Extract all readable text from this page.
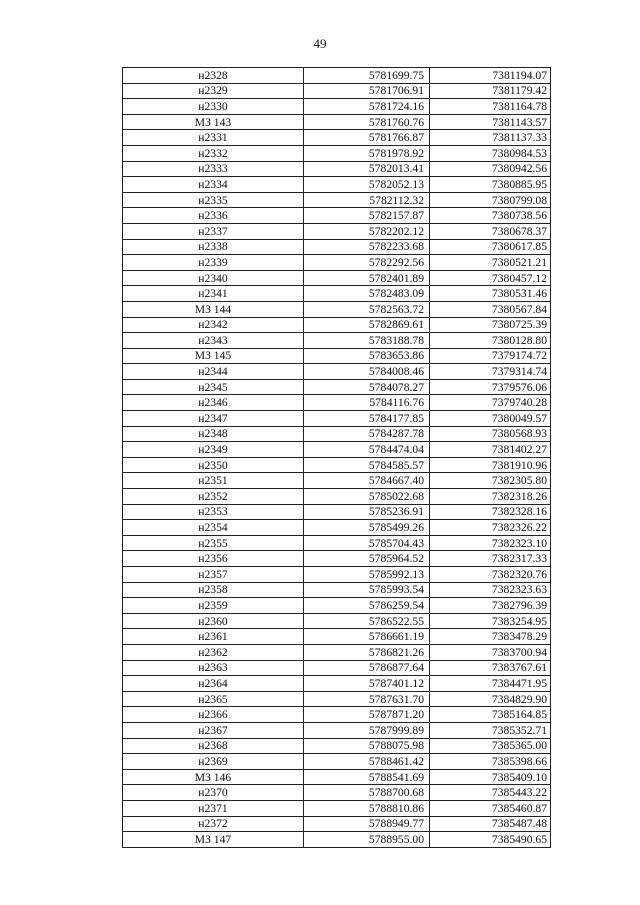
49
н2328	5781699.75	7381194.07
н2329	5781706.91	7381179.42
н2330	5781724.16	7381164.78
МЗ 143	5781760.76	7381143.57
н2331	5781766.87	7381137.33
н2332	5781978.92	7380984.53
н2333	5782013.41	7380942.56
н2334	5782052.13	7380885.95
н2335	5782112.32	7380799.08
н2336	5782157.87	7380738.56
н2337	5782202.12	7380678.37
н2338	5782233.68	7380617.85
н2339	5782292.56	7380521.21
н2340	5782401.89	7380457.12
н2341	5782483.09	7380531.46
МЗ 144	5782563.72	7380567.84
н2342	5782869.61	7380725.39
н2343	5783188.78	7380128.80
МЗ 145	5783653.86	7379174.72
н2344	5784008.46	7379314.74
н2345	5784078.27	7379576.06
н2346	5784116.76	7379740.28
н2347	5784177.85	7380049.57
н2348	5784287.78	7380568.93
н2349	5784474.04	7381402.27
н2350	5784585.57	7381910.96
н2351	5784667.40	7382305.80
н2352	5785022.68	7382318.26
н2353	5785236.91	7382328.16
н2354	5785499.26	7382326.22
н2355	5785704.43	7382323.10
н2356	5785964.52	7382317.33
н2357	5785992.13	7382320.76
н2358	5785993.54	7382323.63
н2359	5786259.54	7382796.39
н2360	5786522.55	7383254.95
н2361	5786661.19	7383478.29
н2362	5786821.26	7383700.94
н2363	5786877.64	7383767.61
н2364	5787401.12	7384471.95
н2365	5787631.70	7384829.90
н2366	5787871.20	7385164.85
н2367	5787999.89	7385352.71
н2368	5788075.98	7385365.00
н2369	5788461.42	7385398.66
МЗ 146	5788541.69	7385409.10
н2370	5788700.68	7385443.22
н2371	5788810.86	7385460.87
н2372	5788949.77	7385487.48
МЗ 147	5788955.00	7385490.65
